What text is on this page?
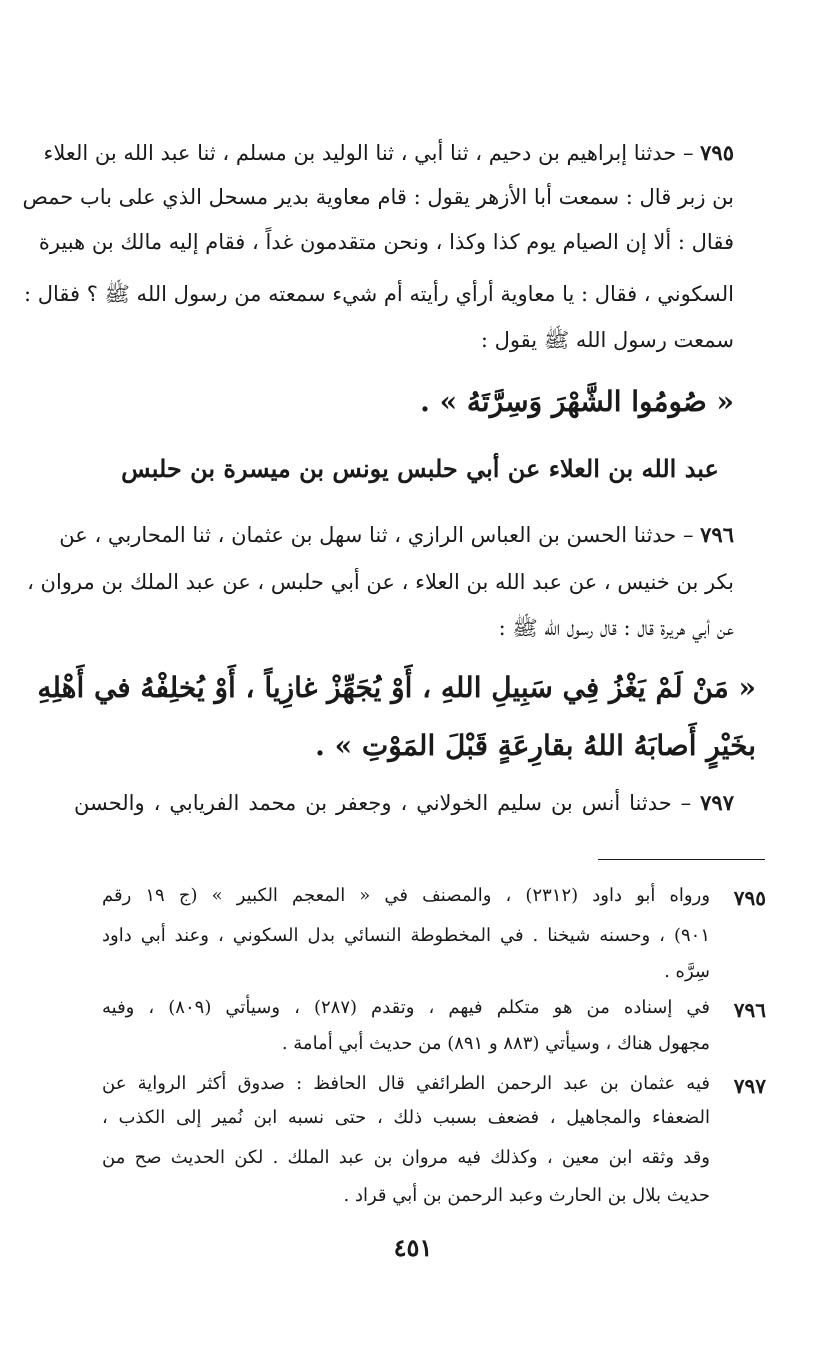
٧٩٥ – حدثنا إبراهيم بن دحيم ، ثنا أبي ، ثنا الوليد بن مسلم ، ثنا عبد الله بن العلاء
بن زبر قال : سمعت أبا الأزهر يقول : قام معاوية بدير مسحل الذي على باب حمص
فقال : ألا إن الصيام يوم كذا وكذا ، ونحن متقدمون غداً ، فقام إليه مالك بن هبيرة
السكوني ، فقال : يا معاوية أرأي رأيته أم شيء سمعته من رسول الله ﷺ ؟ فقال :
سمعت رسول الله ﷺ يقول :
« صُومُوا الشَّهْرَ وَسِرَّتَهُ » .
عبد الله بن العلاء عن أبي حلبس يونس بن ميسرة بن حلبس
٧٩٦ – حدثنا الحسن بن العباس الرازي ، ثنا سهل بن عثمان ، ثنا المحاربي ، عن
بكر بن خنيس ، عن عبد الله بن العلاء ، عن أبي حلبس ، عن عبد الملك بن مروان ،
عن أبي هريرة قال : قال رسول الله ﷺ :
« مَنْ لَمْ يَغْزُ فِي سَبِيلِ اللهِ ، أَوْ يُجَهِّزْ غازِياً ، أَوْ يُخلِفْهُ في أَهْلِهِ
بخَيْرٍ أَصابَهُ اللهُ بقارِعَةٍ قَبْلَ المَوْتِ » .
٧٩٧ – حدثنا أنس بن سليم الخولاني ، وجعفر بن محمد الفريابي ، والحسن
٧٩٥
ورواه أبو داود (٢٣١٢) ، والمصنف في « المعجم الكبير » (ج ١٩ رقم
٩٠١) ، وحسنه شيخنا . في المخطوطة النسائي بدل السكوني ، وعند أبي داود
سِرَّه .
٧٩٦
في إسناده من هو متكلم فيهم ، وتقدم (٢٨٧) ، وسيأتي (٨٠٩) ، وفيه
مجهول هناك ، وسيأتي (٨٨٣ و ٨٩١) من حديث أبي أمامة .
٧٩٧
فيه عثمان بن عبد الرحمن الطرائفي قال الحافظ : صدوق أكثر الرواية عن
الضعفاء والمجاهيل ، فضعف بسبب ذلك ، حتى نسبه ابن نُمير إلى الكذب ،
وقد وثقه ابن معين ، وكذلك فيه مروان بن عبد الملك . لكن الحديث صح من
حديث بلال بن الحارث وعبد الرحمن بن أبي قراد .
٤٥١
